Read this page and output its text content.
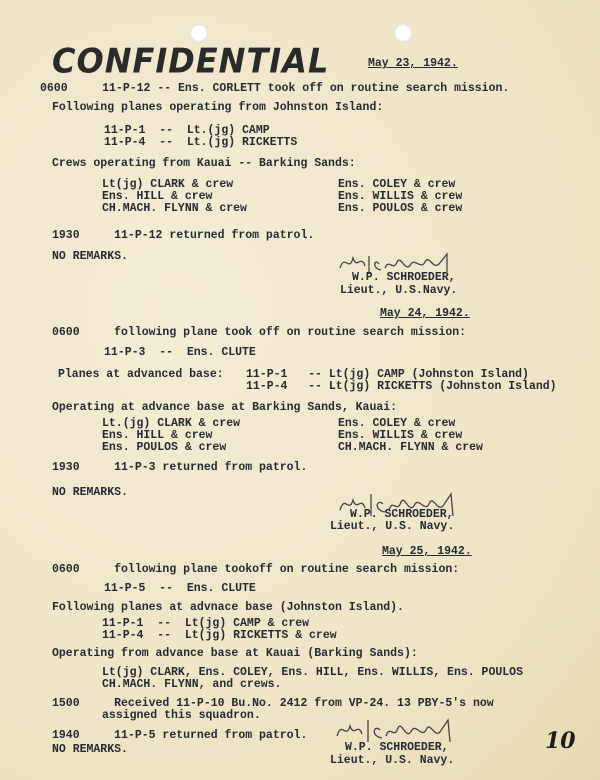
CONFIDENTIAL	May 23, 1942.
0600     11-P-12 -- Ens. CORLETT took off on routine search mission.
Following planes operating from Johnston Island:
11-P-1  --  Lt.(jg) CAMP
11-P-4  --  Lt.(jg) RICKETTS
Crews operating from Kauai -- Barking Sands:
Lt(jg) CLARK & crew
Ens. HILL & crew
CH.MACH. FLYNN & crew
Ens. COLEY & crew
Ens. WILLIS & crew
Ens. POULOS & crew
1930     11-P-12 returned from patrol.
NO REMARKS.
W.P. SCHROEDER,
Lieut., U.S.Navy.
May 24, 1942.
0600     following plane took off on routine search mission:
11-P-3  --  Ens. CLUTE
Planes at advanced base: 11-P-1   -- Lt(jg) CAMP (Johnston Island)
11-P-4   -- Lt(jg) RICKETTS (Johnston Island)
Operating at advance base at Barking Sands, Kauai:
Lt.(jg) CLARK & crew
Ens. HILL & crew
Ens. POULOS & crew
Ens. COLEY & crew
Ens. WILLIS & crew
CH.MACH. FLYNN & crew
1930     11-P-3 returned from patrol.
NO REMARKS.
W.P. SCHROEDER,
Lieut., U.S. Navy.
May 25, 1942.
0600     following plane tookoff on routine search mission:
11-P-5  --  Ens. CLUTE
Following planes at advnace base (Johnston Island).
11-P-1  --  Lt(jg) CAMP & crew
11-P-4  --  Lt(jg) RICKETTS & crew
Operating from advance base at Kauai (Barking Sands):
Lt(jg) CLARK, Ens. COLEY, Ens. HILL, Ens. WILLIS, Ens. POULOS
CH.MACH. FLYNN, and crews.
1500     Received 11-P-10 Bu.No. 2412 from VP-24. 13 PBY-5's now
assigned this squadron.
1940     11-P-5 returned from patrol.
NO REMARKS.	W.P. SCHROEDER,
Lieut., U.S. Navy.
10
